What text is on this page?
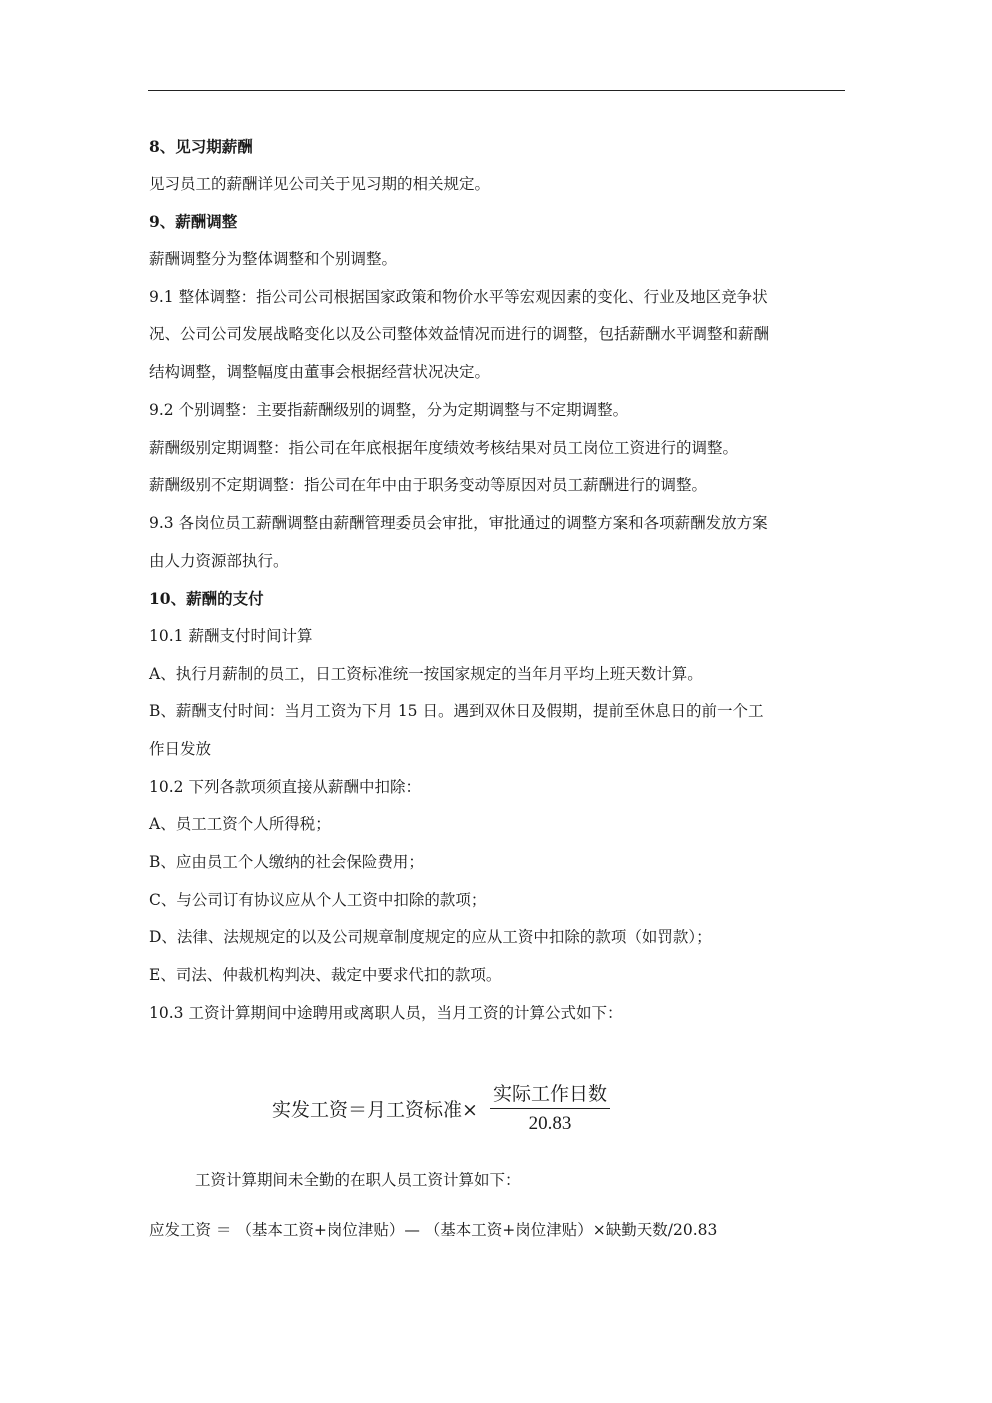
8、见习期薪酬

见习员工的薪酬详见公司关于见习期的相关规定。

9、薪酬调整

薪酬调整分为整体调整和个别调整。

9.1 整体调整：指公司公司根据国家政策和物价水平等宏观因素的变化、行业及地区竞争状

况、公司公司发展战略变化以及公司整体效益情况而进行的调整，包括薪酬水平调整和薪酬

结构调整，调整幅度由董事会根据经营状况决定。

9.2 个别调整：主要指薪酬级别的调整，分为定期调整与不定期调整。

薪酬级别定期调整：指公司在年底根据年度绩效考核结果对员工岗位工资进行的调整。

薪酬级别不定期调整：指公司在年中由于职务变动等原因对员工薪酬进行的调整。

9.3 各岗位员工薪酬调整由薪酬管理委员会审批，审批通过的调整方案和各项薪酬发放方案

由人力资源部执行。

10、薪酬的支付

10.1 薪酬支付时间计算

A、执行月薪制的员工，日工资标准统一按国家规定的当年月平均上班天数计算。

B、薪酬支付时间：当月工资为下月 15 日。遇到双休日及假期，提前至休息日的前一个工

作日发放

10.2 下列各款项须直接从薪酬中扣除：

A、员工工资个人所得税；

B、应由员工个人缴纳的社会保险费用；

C、与公司订有协议应从个人工资中扣除的款项；

D、法律、法规规定的以及公司规章制度规定的应从工资中扣除的款项（如罚款）；

E、司法、仲裁机构判决、裁定中要求代扣的款项。

10.3 工资计算期间中途聘用或离职人员，当月工资的计算公式如下：

实发工资＝月工资标准×
实际工作日数
20.83
工资计算期间未全勤的在职人员工资计算如下：
应发工资 ＝ （基本工资+岗位津贴）— （基本工资+岗位津贴）×缺勤天数/20.83
